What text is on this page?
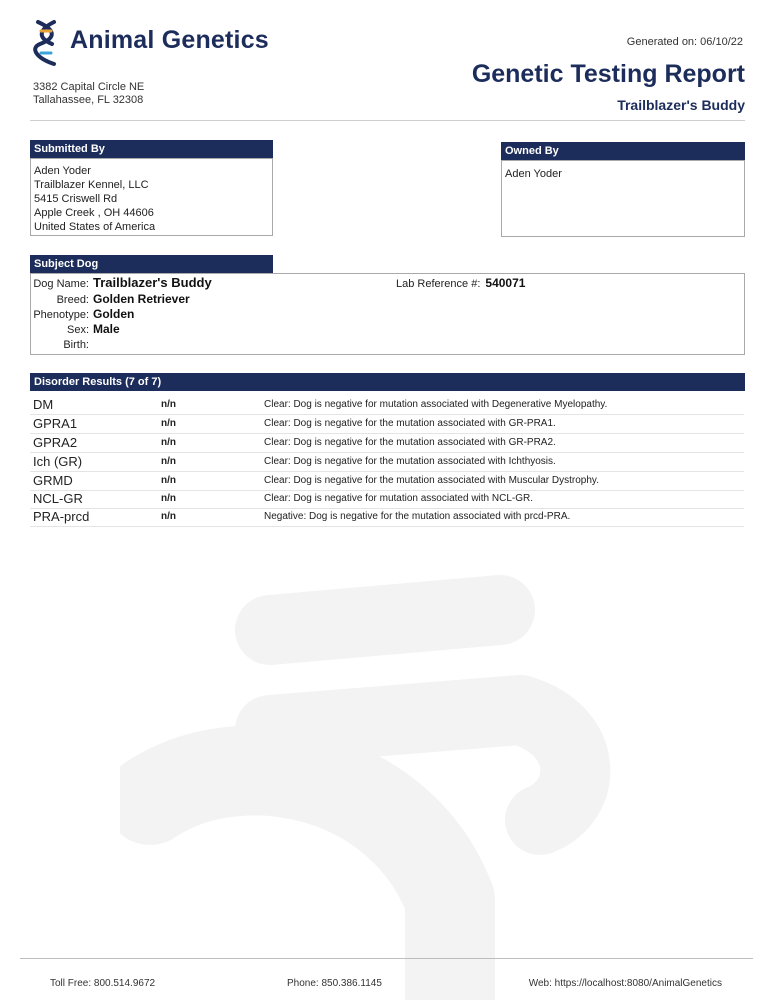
Animal Genetics
3382 Capital Circle NE
Tallahassee, FL 32308
Generated on: 06/10/22
Genetic Testing Report
Trailblazer's Buddy
Submitted By
Aden Yoder
Trailblazer Kennel, LLC
5415 Criswell Rd
Apple Creek , OH 44606
United States of America
Owned By
Aden Yoder
Subject Dog
Dog Name: Trailblazer's Buddy
Breed: Golden Retriever
Phenotype: Golden
Sex: Male
Birth:
Lab Reference #: 540071
Disorder Results (7 of 7)
DM	n/n	Clear: Dog is negative for mutation associated with Degenerative Myelopathy.
GPRA1	n/n	Clear: Dog is negative for the mutation associated with GR-PRA1.
GPRA2	n/n	Clear: Dog is negative for the mutation associated with GR-PRA2.
Ich (GR)	n/n	Clear: Dog is negative for the mutation associated with Ichthyosis.
GRMD	n/n	Clear: Dog is negative for the mutation associated with Muscular Dystrophy.
NCL-GR	n/n	Clear: Dog is negative for mutation associated with NCL-GR.
PRA-prcd	n/n	Negative: Dog is negative for the mutation associated with prcd-PRA.
Toll Free: 800.514.9672	Phone: 850.386.1145	Web: https://localhost:8080/AnimalGenetics
